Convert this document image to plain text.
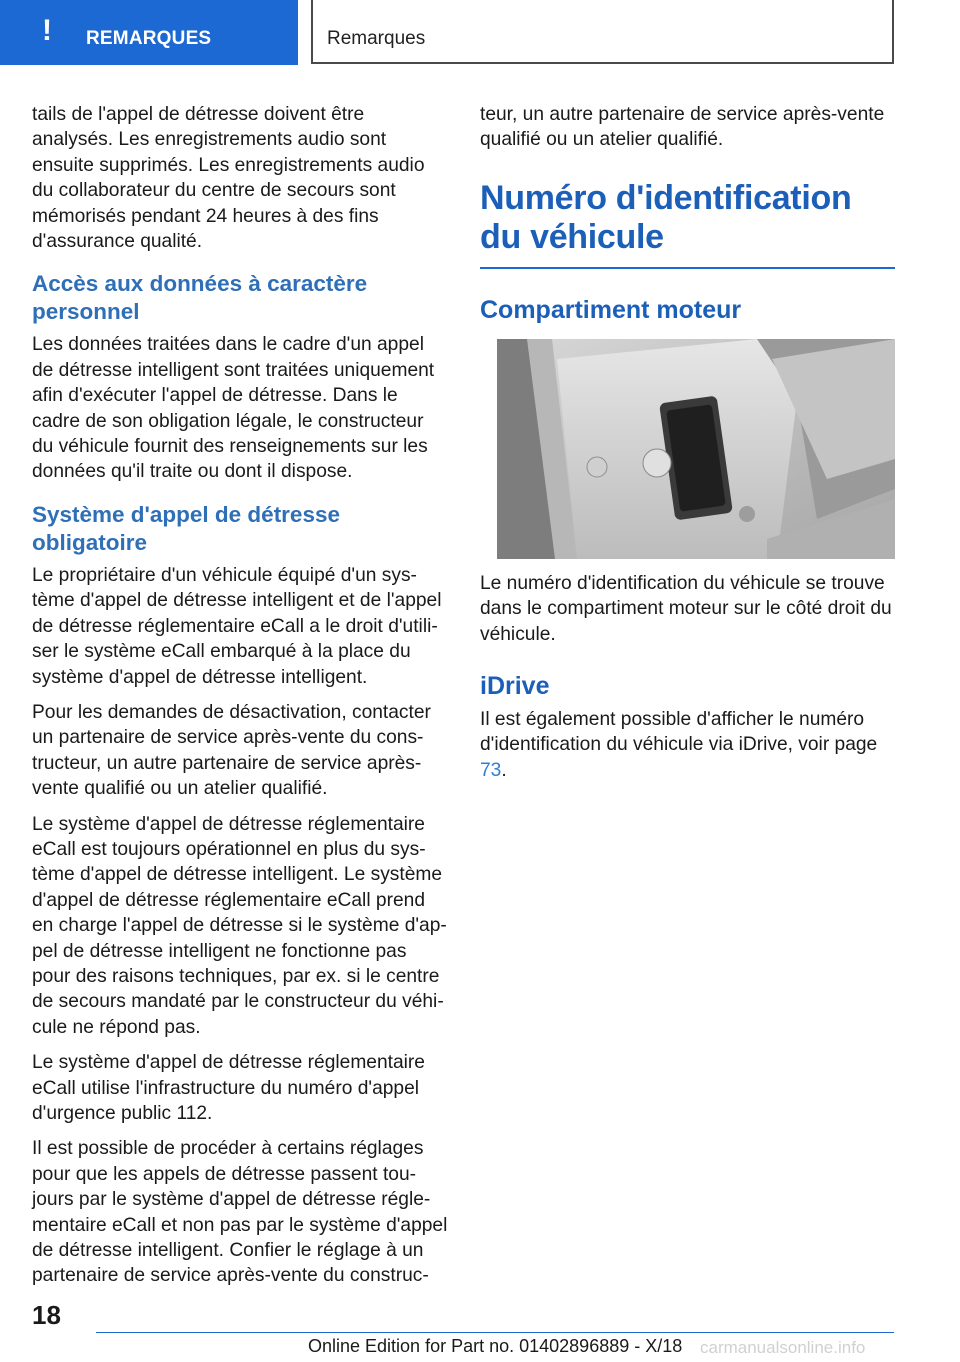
! REMARQUES	Remarques

tails de l'appel de détresse doivent être analysés. Les enregistrements audio sont ensuite supprimés. Les enregistrements audio du collaborateur du centre de secours sont mémorisés pendant 24 heures à des fins d'assurance qualité.

Accès aux données à caractère personnel

Les données traitées dans le cadre d'un appel de détresse intelligent sont traitées uniquement afin d'exécuter l'appel de détresse. Dans le cadre de son obligation légale, le constructeur du véhicule fournit des renseignements sur les données qu'il traite ou dont il dispose.

Système d'appel de détresse obligatoire

Le propriétaire d'un véhicule équipé d'un système d'appel de détresse intelligent et de l'appel de détresse réglementaire eCall a le droit d'utiliser le système eCall embarqué à la place du système d'appel de détresse intelligent.

Pour les demandes de désactivation, contacter un partenaire de service après-vente du constructeur, un autre partenaire de service après-vente qualifié ou un atelier qualifié.

Le système d'appel de détresse réglementaire eCall est toujours opérationnel en plus du système d'appel de détresse intelligent. Le système d'appel de détresse réglementaire eCall prend en charge l'appel de détresse si le système d'appel de détresse intelligent ne fonctionne pas pour des raisons techniques, par ex. si le centre de secours mandaté par le constructeur du véhicule ne répond pas.

Le système d'appel de détresse réglementaire eCall utilise l'infrastructure du numéro d'appel d'urgence public 112.

Il est possible de procéder à certains réglages pour que les appels de détresse passent toujours par le système d'appel de détresse réglementaire eCall et non pas par le système d'appel de détresse intelligent. Confier le réglage à un partenaire de service après-vente du construc-

teur, un autre partenaire de service après-vente qualifié ou un atelier qualifié.

Numéro d'identification du véhicule
Compartiment moteur

Le numéro d'identification du véhicule se trouve dans le compartiment moteur sur le côté droit du véhicule.

iDrive

Il est également possible d'afficher le numéro d'identification du véhicule via iDrive, voir page 73.

18
Online Edition for Part no. 01402896889 - X/18 carmanualsonline.info
